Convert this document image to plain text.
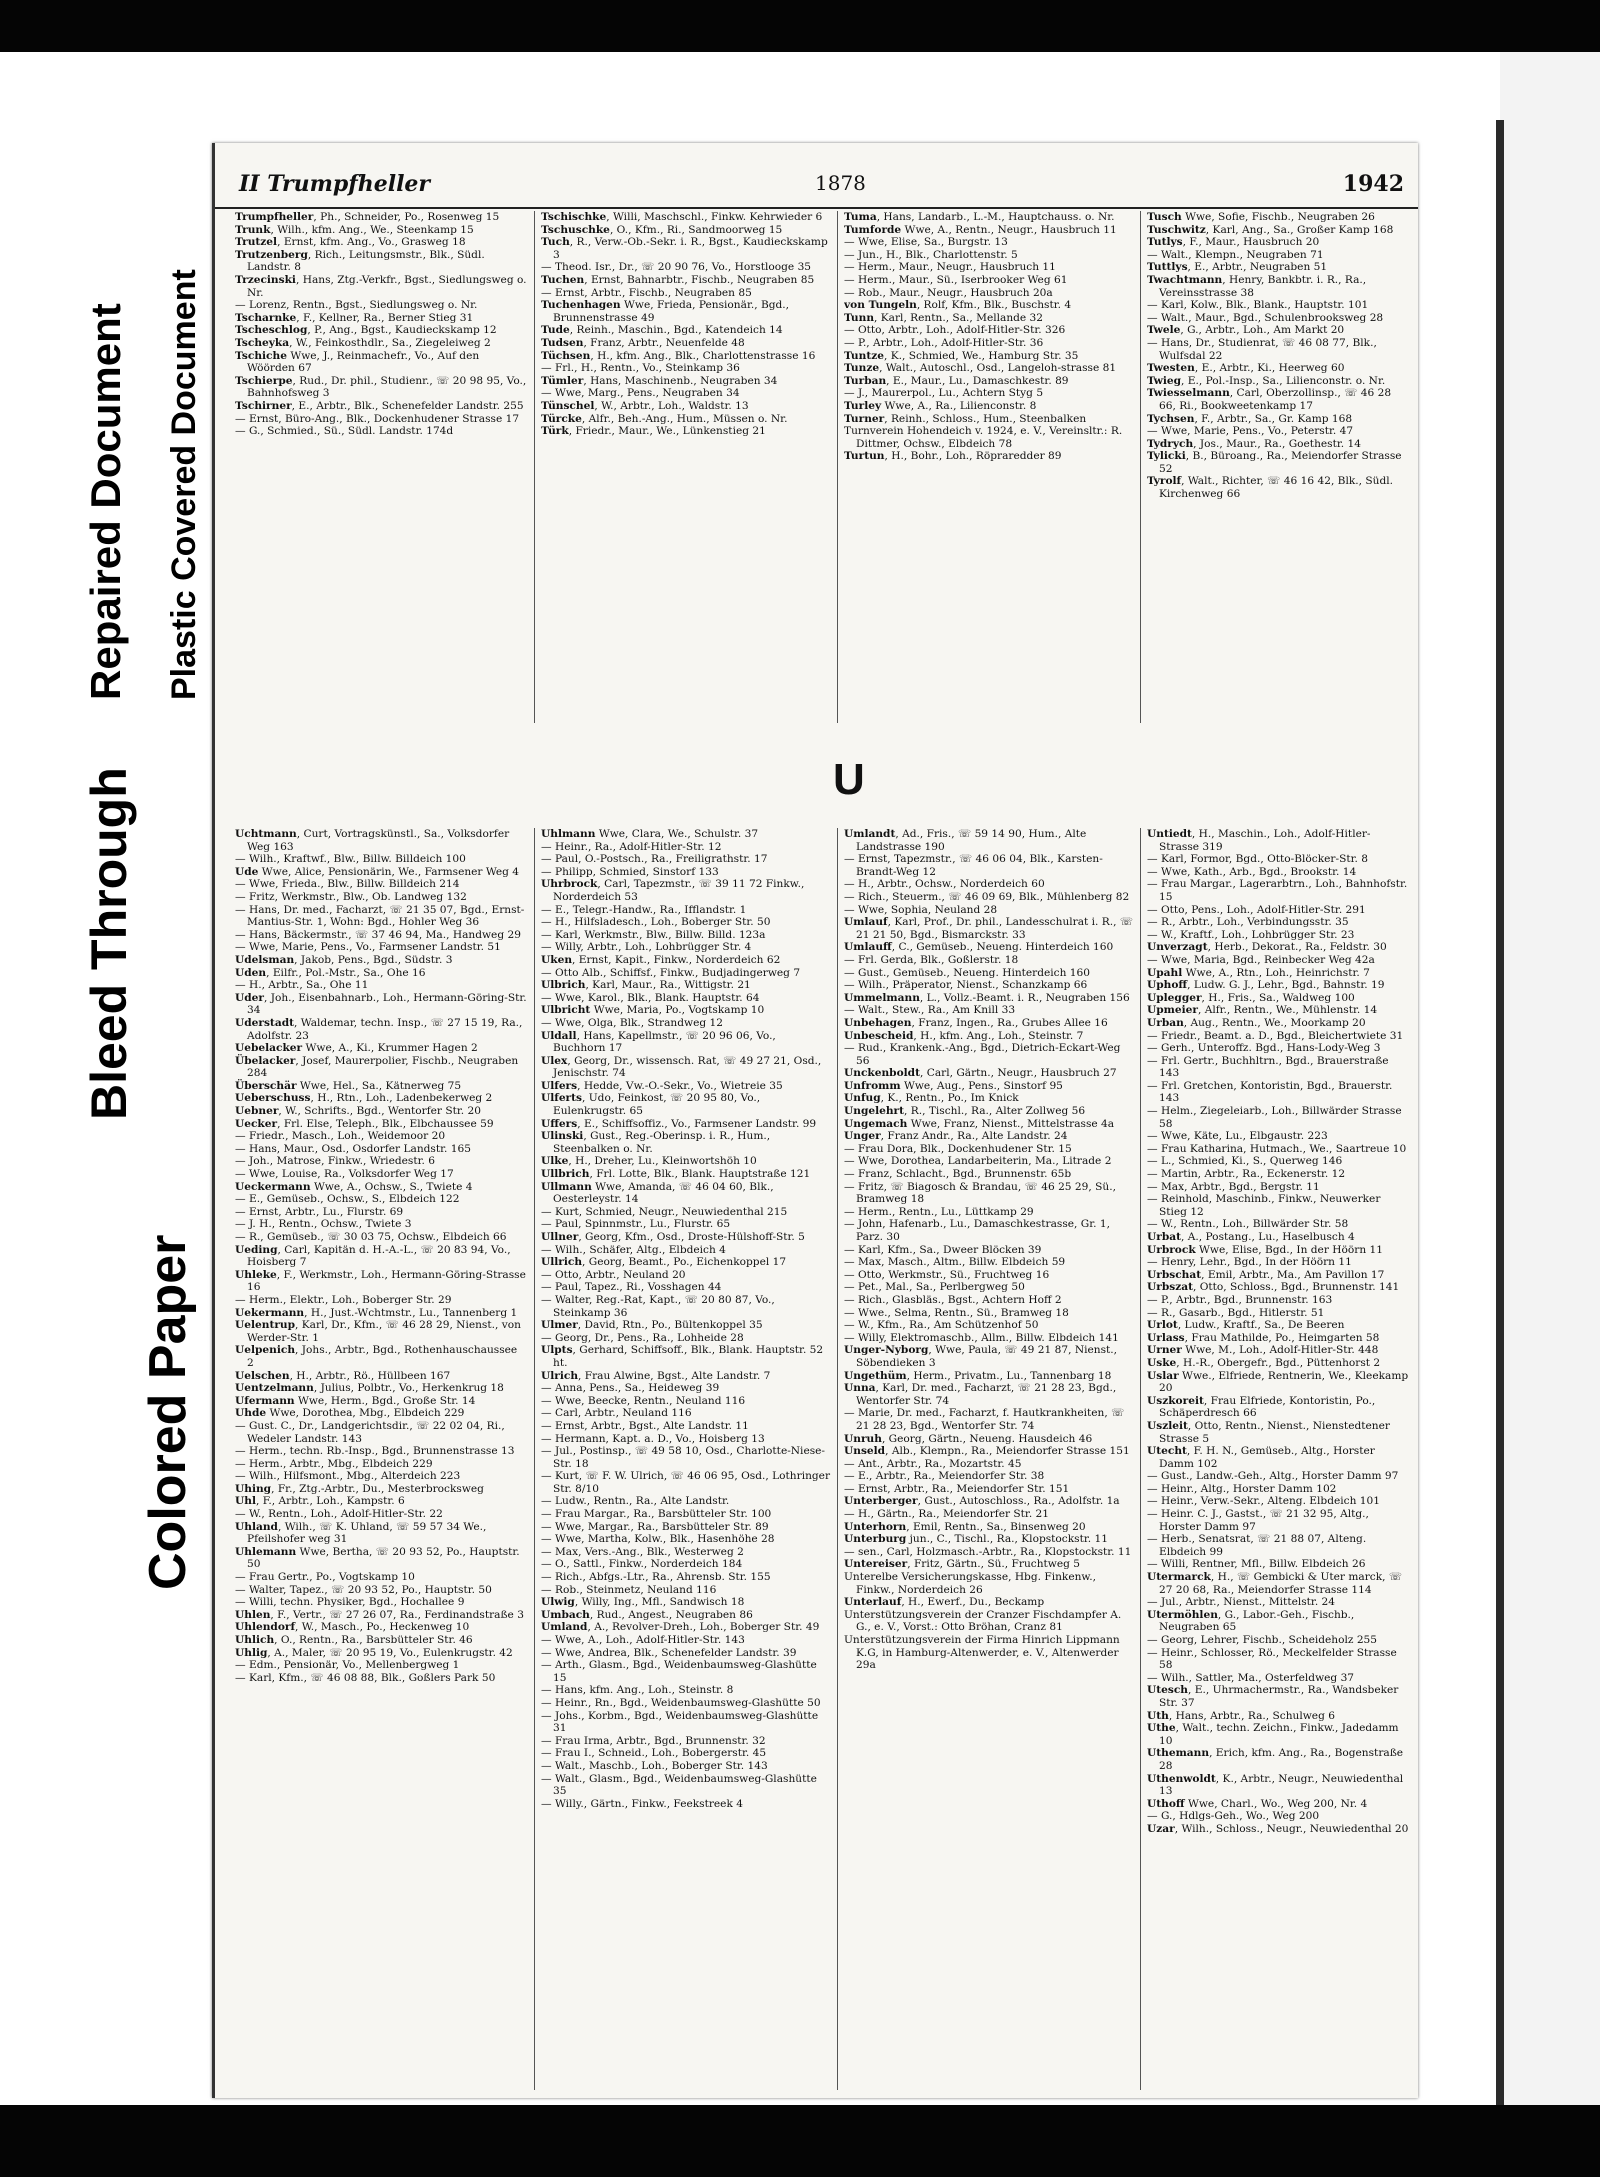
Bleed Through
Repaired Document Plastic Covered Document
Colored Paper
II Trumpfheller	1878	1942

Trumpfheller, Ph., Schneider, Po., Rosenweg 15

Trunk, Wilh., kfm. Ang., We., Steenkamp 15

Trutzel, Ernst, kfm. Ang., Vo., Grasweg 18

Trutzenberg, Rich., Leitungsmstr., Blk., Südl. Landstr. 8

Trzecinski, Hans, Ztg.-Verkfr., Bgst., Siedlungsweg o. Nr.

— Lorenz, Rentn., Bgst., Siedlungsweg o. Nr.

Tscharnke, F., Kellner, Ra., Berner Stieg 31

Tscheschlog, P., Ang., Bgst., Kaudieckskamp 12

Tscheyka, W., Feinkosthdlr., Sa., Ziegeleiweg 2

Tschiche Wwe, J., Reinmachefr., Vo., Auf den Wöörden 67

Tschierpe, Rud., Dr. phil., Studienr., ☏ 20 98 95, Vo., Bahnhofsweg 3

Tschirner, E., Arbtr., Blk., Schenefelder Landstr. 255

— Ernst, Büro-Ang., Blk., Dockenhudener Strasse 17

— G., Schmied., Sü., Südl. Landstr. 174d

Tschischke, Willi, Maschschl., Finkw. Kehrwieder 6

Tschuschke, O., Kfm., Ri., Sandmoorweg 15

Tuch, R., Verw.-Ob.-Sekr. i. R., Bgst., Kaudieckskamp 3

— Theod. Isr., Dr., ☏ 20 90 76, Vo., Horstlooge 35

Tuchen, Ernst, Bahnarbtr., Fischb., Neugraben 85

— Ernst, Arbtr., Fischb., Neugraben 85

Tuchenhagen Wwe, Frieda, Pensionär., Bgd., Brunnenstrasse 49

Tude, Reinh., Maschin., Bgd., Katendeich 14

Tudsen, Franz, Arbtr., Neuenfelde 48

Tüchsen, H., kfm. Ang., Blk., Charlottenstrasse 16

— Frl., H., Rentn., Vo., Steinkamp 36

Tümler, Hans, Maschinenb., Neugraben 34

— Wwe, Marg., Pens., Neugraben 34

Tünschel, W., Arbtr., Loh., Waldstr. 13

Türcke, Alfr., Beh.-Ang., Hum., Müssen o. Nr.

Türk, Friedr., Maur., We., Lünkenstieg 21

Tuma, Hans, Landarb., L.-M., Hauptchauss. o. Nr.

Tumforde Wwe, A., Rentn., Neugr., Hausbruch 11

— Wwe, Elise, Sa., Burgstr. 13

— Jun., H., Blk., Charlottenstr. 5

— Herm., Maur., Neugr., Hausbruch 11

— Herm., Maur., Sü., Iserbrooker Weg 61

— Rob., Maur., Neugr., Hausbruch 20a

von Tungeln, Rolf, Kfm., Blk., Buschstr. 4

Tunn, Karl, Rentn., Sa., Mellande 32

— Otto, Arbtr., Loh., Adolf-Hitler-Str. 326

— P., Arbtr., Loh., Adolf-Hitler-Str. 36

Tuntze, K., Schmied, We., Hamburg Str. 35

Tunze, Walt., Autoschl., Osd., Langeloh-strasse 81

Turban, E., Maur., Lu., Damaschkestr. 89

— J., Maurerpol., Lu., Achtern Styg 5

Turley Wwe, A., Ra., Lilienconstr. 8

Turner, Reinh., Schloss., Hum., Steenbalken

Turnverein Hohendeich v. 1924, e. V., Vereinsltr.: R. Dittmer, Ochsw., Elbdeich 78

Turtun, H., Bohr., Loh., Röpraredder 89

Tusch Wwe, Sofie, Fischb., Neugraben 26

Tuschwitz, Karl, Ang., Sa., Großer Kamp 168

Tutlys, F., Maur., Hausbruch 20

— Walt., Klempn., Neugraben 71

Tuttlys, E., Arbtr., Neugraben 51

Twachtmann, Henry, Bankbtr. i. R., Ra., Vereinsstrasse 38

— Karl, Kolw., Blk., Blank., Hauptstr. 101

— Walt., Maur., Bgd., Schulenbrooksweg 28

Twele, G., Arbtr., Loh., Am Markt 20

— Hans, Dr., Studienrat, ☏ 46 08 77, Blk., Wulfsdal 22

Twesten, E., Arbtr., Ki., Heerweg 60

Twieg, E., Pol.-Insp., Sa., Lilienconstr. o. Nr.

Twiesselmann, Carl, Oberzollinsp., ☏ 46 28 66, Ri., Bookweetenkamp 17

Tychsen, F., Arbtr., Sa., Gr. Kamp 168

— Wwe, Marie, Pens., Vo., Peterstr. 47

Tydrych, Jos., Maur., Ra., Goethestr. 14

Tylicki, B., Büroang., Ra., Meiendorfer Strasse 52

Tyrolf, Walt., Richter, ☏ 46 16 42, Blk., Südl. Kirchenweg 66

U

Uchtmann, Curt, Vortragskünstl., Sa., Volksdorfer Weg 163

— Wilh., Kraftwf., Blw., Billw. Billdeich 100

Ude Wwe, Alice, Pensionärin, We., Farmsener Weg 4

— Wwe, Frieda., Blw., Billw. Billdeich 214

— Fritz, Werkmstr., Blw., Ob. Landweg 132

— Hans, Dr. med., Facharzt, ☏ 21 35 07, Bgd., Ernst-Mantius-Str. 1, Wohn: Bgd., Hohler Weg 36

— Hans, Bäckermstr., ☏ 37 46 94, Ma., Handweg 29

— Wwe, Marie, Pens., Vo., Farmsener Landstr. 51

Udelsman, Jakob, Pens., Bgd., Südstr. 3

Uden, Eilfr., Pol.-Mstr., Sa., Ohe 16

— H., Arbtr., Sa., Ohe 11

Uder, Joh., Eisenbahnarb., Loh., Hermann-Göring-Str. 34

Uderstadt, Waldemar, techn. Insp., ☏ 27 15 19, Ra., Adolfstr. 23

Uebelacker Wwe, A., Ki., Krummer Hagen 2

Übelacker, Josef, Maurerpolier, Fischb., Neugraben 284

Überschär Wwe, Hel., Sa., Kätnerweg 75

Ueberschuss, H., Rtn., Loh., Ladenbekerweg 2

Uebner, W., Schrifts., Bgd., Wentorfer Str. 20

Uecker, Frl. Else, Teleph., Blk., Elbchaussee 59

— Friedr., Masch., Loh., Weidemoor 20

— Hans, Maur., Osd., Osdorfer Landstr. 165

— Joh., Matrose, Finkw., Wriedestr. 6

— Wwe, Louise, Ra., Volksdorfer Weg 17

Ueckermann Wwe, A., Ochsw., S., Twiete 4

— E., Gemüseb., Ochsw., S., Elbdeich 122

— Ernst, Arbtr., Lu., Flurstr. 69

— J. H., Rentn., Ochsw., Twiete 3

— R., Gemüseb., ☏ 30 03 75, Ochsw., Elbdeich 66

Ueding, Carl, Kapitän d. H.-A.-L., ☏ 20 83 94, Vo., Hoisberg 7

Uhleke, F., Werkmstr., Loh., Hermann-Göring-Strasse 16

— Herm., Elektr., Loh., Boberger Str. 29

Uekermann, H., Just.-Wchtmstr., Lu., Tannenberg 1

Uelentrup, Karl, Dr., Kfm., ☏ 46 28 29, Nienst., von Werder-Str. 1

Uelpenich, Johs., Arbtr., Bgd., Rothenhauschaussee 2

Uelschen, H., Arbtr., Rö., Hüllbeen 167

Uentzelmann, Julius, Polbtr., Vo., Herkenkrug 18

Ufermann Wwe, Herm., Bgd., Große Str. 14

Uhde Wwe, Dorothea, Mbg., Elbdeich 229

— Gust. C., Dr., Landgerichtsdir., ☏ 22 02 04, Ri., Wedeler Landstr. 143

— Herm., techn. Rb.-Insp., Bgd., Brunnenstrasse 13

— Herm., Arbtr., Mbg., Elbdeich 229

— Wilh., Hilfsmont., Mbg., Alterdeich 223

Uhing, Fr., Ztg.-Arbtr., Du., Mesterbrocksweg

Uhl, F., Arbtr., Loh., Kampstr. 6

— W., Rentn., Loh., Adolf-Hitler-Str. 22

Uhland, Wilh., ☏ K. Uhland, ☏ 59 57 34 We., Pfeilshofer weg 31

Uhlemann Wwe, Bertha, ☏ 20 93 52, Po., Hauptstr. 50

— Frau Gertr., Po., Vogtskamp 10

— Walter, Tapez., ☏ 20 93 52, Po., Hauptstr. 50

— Willi, techn. Physiker, Bgd., Hochallee 9

Uhlen, F., Vertr., ☏ 27 26 07, Ra., Ferdinandstraße 3

Uhlendorf, W., Masch., Po., Heckenweg 10

Uhlich, O., Rentn., Ra., Barsbütteler Str. 46

Uhlig, A., Maler, ☏ 20 95 19, Vo., Eulenkrugstr. 42

— Edm., Pensionär, Vo., Mellenbergweg 1

— Karl, Kfm., ☏ 46 08 88, Blk., Goßlers Park 50

Uhlmann Wwe, Clara, We., Schulstr. 37

— Heinr., Ra., Adolf-Hitler-Str. 12

— Paul, O.-Postsch., Ra., Freiligrathstr. 17

— Philipp, Schmied, Sinstorf 133

Uhrbrock, Carl, Tapezmstr., ☏ 39 11 72 Finkw., Norderdeich 53

— E., Telegr.-Handw., Ra., Ifflandstr. 1

— H., Hilfsladesch., Loh., Boberger Str. 50

— Karl, Werkmstr., Blw., Billw. Billd. 123a

— Willy, Arbtr., Loh., Lohbrügger Str. 4

Uken, Ernst, Kapit., Finkw., Norderdeich 62

— Otto Alb., Schiffsf., Finkw., Budjadingerweg 7

Ulbrich, Karl, Maur., Ra., Wittigstr. 21

— Wwe, Karol., Blk., Blank. Hauptstr. 64

Ulbricht Wwe, Maria, Po., Vogtskamp 10

— Wwe, Olga, Blk., Strandweg 12

Uldall, Hans, Kapellmstr., ☏ 20 96 06, Vo., Buchhorn 17

Ulex, Georg, Dr., wissensch. Rat, ☏ 49 27 21, Osd., Jenischstr. 74

Ulfers, Hedde, Vw.-O.-Sekr., Vo., Wietreie 35

Ulferts, Udo, Feinkost, ☏ 20 95 80, Vo., Eulenkrugstr. 65

Uffers, E., Schiffsoffiz., Vo., Farmsener Landstr. 99

Ulinski, Gust., Reg.-Oberinsp. i. R., Hum., Steenbalken o. Nr.

Ulke, H., Dreher, Lu., Kleinwortshöh 10

Ullbrich, Frl. Lotte, Blk., Blank. Hauptstraße 121

Ullmann Wwe, Amanda, ☏ 46 04 60, Blk., Oesterleystr. 14

— Kurt, Schmied, Neugr., Neuwiedenthal 215

— Paul, Spinnmstr., Lu., Flurstr. 65

Ullner, Georg, Kfm., Osd., Droste-Hülshoff-Str. 5

— Wilh., Schäfer, Altg., Elbdeich 4

Ullrich, Georg, Beamt., Po., Eichenkoppel 17

— Otto, Arbtr., Neuland 20

— Paul, Tapez., Ri., Vosshagen 44

— Walter, Reg.-Rat, Kapt., ☏ 20 80 87, Vo., Steinkamp 36

Ulmer, David, Rtn., Po., Bültenkoppel 35

— Georg, Dr., Pens., Ra., Lohheide 28

Ulpts, Gerhard, Schiffsoff., Blk., Blank. Hauptstr. 52 ht.

Ulrich, Frau Alwine, Bgst., Alte Landstr. 7

— Anna, Pens., Sa., Heideweg 39

— Wwe, Beecke, Rentn., Neuland 116

— Carl, Arbtr., Neuland 116

— Ernst, Arbtr., Bgst., Alte Landstr. 11

— Hermann, Kapt. a. D., Vo., Hoisberg 13

— Jul., Postinsp., ☏ 49 58 10, Osd., Charlotte-Niese-Str. 18

— Kurt, ☏ F. W. Ulrich, ☏ 46 06 95, Osd., Lothringer Str. 8/10

— Ludw., Rentn., Ra., Alte Landstr.

— Frau Margar., Ra., Barsbütteler Str. 100

— Wwe, Margar., Ra., Barsbütteler Str. 89

— Wwe, Martha, Kolw., Blk., Hasenhöhe 28

— Max, Vers.-Ang., Blk., Westerweg 2

— O., Sattl., Finkw., Norderdeich 184

— Rich., Abfgs.-Ltr., Ra., Ahrensb. Str. 155

— Rob., Steinmetz, Neuland 116

Ulwig, Willy, Ing., Mfl., Sandwisch 18

Umbach, Rud., Angest., Neugraben 86

Umland, A., Revolver-Dreh., Loh., Boberger Str. 49

— Wwe, A., Loh., Adolf-Hitler-Str. 143

— Wwe, Andrea, Blk., Schenefelder Landstr. 39

— Arth., Glasm., Bgd., Weidenbaumsweg-Glashütte 15

— Hans, kfm. Ang., Loh., Steinstr. 8

— Heinr., Rn., Bgd., Weidenbaumsweg-Glashütte 50

— Johs., Korbm., Bgd., Weidenbaumsweg-Glashütte 31

— Frau Irma, Arbtr., Bgd., Brunnenstr. 32

— Frau I., Schneid., Loh., Bobergerstr. 45

— Walt., Maschb., Loh., Boberger Str. 143

— Walt., Glasm., Bgd., Weidenbaumsweg-Glashütte 35

— Willy., Gärtn., Finkw., Feekstreek 4

Umlandt, Ad., Fris., ☏ 59 14 90, Hum., Alte Landstrasse 190

— Ernst, Tapezmstr., ☏ 46 06 04, Blk., Karsten-Brandt-Weg 12

— H., Arbtr., Ochsw., Norderdeich 60

— Rich., Steuerm., ☏ 46 09 69, Blk., Mühlenberg 82

— Wwe, Sophia, Neuland 28

Umlauf, Karl, Prof., Dr. phil., Landesschulrat i. R., ☏ 21 21 50, Bgd., Bismarckstr. 33

Umlauff, C., Gemüseb., Neueng. Hinterdeich 160

— Frl. Gerda, Blk., Goßlerstr. 18

— Gust., Gemüseb., Neueng. Hinterdeich 160

— Wilh., Präperator, Nienst., Schanzkamp 66

Ummelmann, L., Vollz.-Beamt. i. R., Neugraben 156

— Walt., Stew., Ra., Am Knill 33

Unbehagen, Franz, Ingen., Ra., Grubes Allee 16

Unbescheid, H., kfm. Ang., Loh., Steinstr. 7

— Rud., Krankenk.-Ang., Bgd., Dietrich-Eckart-Weg 56

Unckenboldt, Carl, Gärtn., Neugr., Hausbruch 27

Unfromm Wwe, Aug., Pens., Sinstorf 95

Unfug, K., Rentn., Po., Im Knick

Ungelehrt, R., Tischl., Ra., Alter Zollweg 56

Ungemach Wwe, Franz, Nienst., Mittelstrasse 4a

Unger, Franz Andr., Ra., Alte Landstr. 24

— Frau Dora, Blk., Dockenhudener Str. 15

— Wwe, Dorothea, Landarbeiterin, Ma., Litrade 2

— Franz, Schlacht., Bgd., Brunnenstr. 65b

— Fritz, ☏ Biagosch & Brandau, ☏ 46 25 29, Sü., Bramweg 18

— Herm., Rentn., Lu., Lüttkamp 29

— John, Hafenarb., Lu., Damaschkestrasse, Gr. 1, Parz. 30

— Karl, Kfm., Sa., Dweer Blöcken 39

— Max, Masch., Altm., Billw. Elbdeich 59

— Otto, Werkmstr., Sü., Fruchtweg 16

— Pet., Mal., Sa., Perlbergweg 50

— Rich., Glasbläs., Bgst., Achtern Hoff 2

— Wwe., Selma, Rentn., Sü., Bramweg 18

— W., Kfm., Ra., Am Schützenhof 50

— Willy, Elektromaschb., Allm., Billw. Elbdeich 141

Unger-Nyborg, Wwe, Paula, ☏ 49 21 87, Nienst., Söbendieken 3

Ungethüm, Herm., Privatm., Lu., Tannenbarg 18

Unna, Karl, Dr. med., Facharzt, ☏ 21 28 23, Bgd., Wentorfer Str. 74

— Marie, Dr. med., Facharzt, f. Hautkrankheiten, ☏ 21 28 23, Bgd., Wentorfer Str. 74

Unruh, Georg, Gärtn., Neueng. Hausdeich 46

Unseld, Alb., Klempn., Ra., Meiendorfer Strasse 151

— Ant., Arbtr., Ra., Mozartstr. 45

— E., Arbtr., Ra., Meiendorfer Str. 38

— Ernst, Arbtr., Ra., Meiendorfer Str. 151

Unterberger, Gust., Autoschloss., Ra., Adolfstr. 1a

— H., Gärtn., Ra., Meiendorfer Str. 21

Unterhorn, Emil, Rentn., Sa., Binsenweg 20

Unterburg jun., C., Tischl., Ra., Klopstockstr. 11

— sen., Carl, Holzmasch.-Arbtr., Ra., Klopstockstr. 11

Untereiser, Fritz, Gärtn., Sü., Fruchtweg 5

Unterelbe Versicherungskasse, Hbg. Finkenw., Finkw., Norderdeich 26

Unterlauf, H., Ewerf., Du., Beckamp

Unterstützungsverein der Cranzer Fischdampfer A. G., e. V., Vorst.: Otto Bröhan, Cranz 81

Unterstützungsverein der Firma Hinrich Lippmann K.G, in Hamburg-Altenwerder, e. V., Altenwerder 29a

Untiedt, H., Maschin., Loh., Adolf-Hitler-Strasse 319

— Karl, Formor, Bgd., Otto-Blöcker-Str. 8

— Wwe, Kath., Arb., Bgd., Brookstr. 14

— Frau Margar., Lagerarbtrn., Loh., Bahnhofstr. 15

— Otto, Pens., Loh., Adolf-Hitler-Str. 291

— R., Arbtr., Loh., Verbindungsstr. 35

— W., Kraftf., Loh., Lohbrügger Str. 23

Unverzagt, Herb., Dekorat., Ra., Feldstr. 30

— Wwe, Maria, Bgd., Reinbecker Weg 42a

Upahl Wwe, A., Rtn., Loh., Heinrichstr. 7

Uphoff, Ludw. G. J., Lehr., Bgd., Bahnstr. 19

Uplegger, H., Fris., Sa., Waldweg 100

Upmeier, Alfr., Rentn., We., Mühlenstr. 14

Urban, Aug., Rentn., We., Moorkamp 20

— Friedr., Beamt. a. D., Bgd., Bleichertwiete 31

— Gerh., Unteroffz. Bgd., Hans-Lody-Weg 3

— Frl. Gertr., Buchhltrn., Bgd., Brauerstraße 143

— Frl. Gretchen, Kontoristin, Bgd., Brauerstr. 143

— Helm., Ziegeleiarb., Loh., Billwärder Strasse 58

— Wwe, Käte, Lu., Elbgaustr. 223

— Frau Katharina, Hutmach., We., Saartreue 10

— L., Schmied, Ki., S., Querweg 146

— Martin, Arbtr., Ra., Eckenerstr. 12

— Max, Arbtr., Bgd., Bergstr. 11

— Reinhold, Maschinb., Finkw., Neuwerker Stieg 12

— W., Rentn., Loh., Billwärder Str. 58

Urbat, A., Postang., Lu., Haselbusch 4

Urbrock Wwe, Elise, Bgd., In der Höörn 11

— Henry, Lehr., Bgd., In der Höörn 11

Urbschat, Emil, Arbtr., Ma., Am Pavillon 17

Urbszat, Otto, Schloss., Bgd., Brunnenstr. 141

— P., Arbtr., Bgd., Brunnenstr. 163

— R., Gasarb., Bgd., Hitlerstr. 51

Urlot, Ludw., Kraftf., Sa., De Beeren

Urlass, Frau Mathilde, Po., Heimgarten 58

Urner Wwe, M., Loh., Adolf-Hitler-Str. 448

Uske, H.-R., Obergefr., Bgd., Püttenhorst 2

Uslar Wwe., Elfriede, Rentnerin, We., Kleekamp 20

Uszkoreit, Frau Elfriede, Kontoristin, Po., Schäperdresch 66

Uszleit, Otto, Rentn., Nienst., Nienstedtener Strasse 5

Utecht, F. H. N., Gemüseb., Altg., Horster Damm 102

— Gust., Landw.-Geh., Altg., Horster Damm 97

— Heinr., Altg., Horster Damm 102

— Heinr., Verw.-Sekr., Alteng. Elbdeich 101

— Heinr. C. J., Gastst., ☏ 21 32 95, Altg., Horster Damm 97

— Herb., Senatsrat, ☏ 21 88 07, Alteng. Elbdeich 99

— Willi, Rentner, Mfl., Billw. Elbdeich 26

Utermarck, H., ☏ Gembicki & Uter marck, ☏ 27 20 68, Ra., Meiendorfer Strasse 114

— Jul., Arbtr., Nienst., Mittelstr. 24

Utermöhlen, G., Labor.-Geh., Fischb., Neugraben 65

— Georg, Lehrer, Fischb., Scheideholz 255

— Heinr., Schlosser, Rö., Meckelfelder Strasse 58

— Wilh., Sattler, Ma., Osterfeldweg 37

Utesch, E., Uhrmachermstr., Ra., Wandsbeker Str. 37

Uth, Hans, Arbtr., Ra., Schulweg 6

Uthe, Walt., techn. Zeichn., Finkw., Jadedamm 10

Uthemann, Erich, kfm. Ang., Ra., Bogenstraße 28

Uthenwoldt, K., Arbtr., Neugr., Neuwiedenthal 13

Uthoff Wwe, Charl., Wo., Weg 200, Nr. 4

— G., Hdlgs-Geh., Wo., Weg 200

Uzar, Wilh., Schloss., Neugr., Neuwiedenthal 20
